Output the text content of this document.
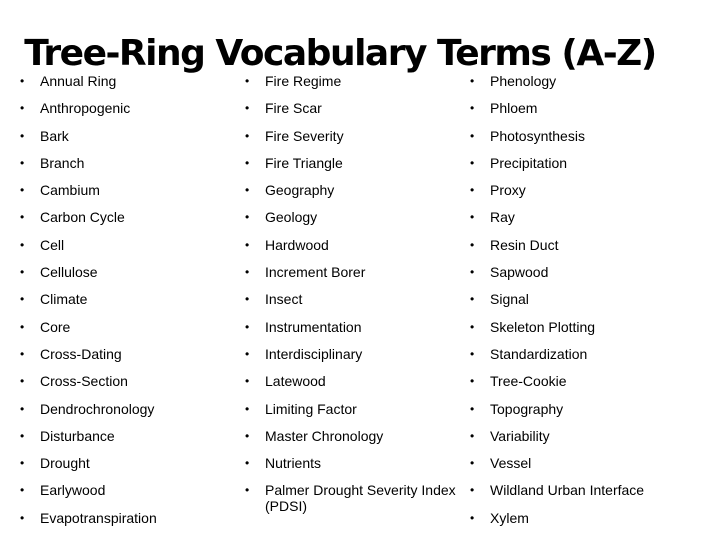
Tree-Ring Vocabulary Terms (A-Z)
• Annual Ring
• Anthropogenic
• Bark
• Branch
• Cambium
• Carbon Cycle
• Cell
• Cellulose
• Climate
• Core
• Cross-Dating
• Cross-Section
• Dendrochronology
• Disturbance
• Drought
• Earlywood
• Evapotranspiration
• Fire Regime
• Fire Scar
• Fire Severity
• Fire Triangle
• Geography
• Geology
• Hardwood
• Increment Borer
• Insect
• Instrumentation
• Interdisciplinary
• Latewood
• Limiting Factor
• Master Chronology
• Nutrients
• Palmer Drought Severity Index (PDSI)
• Phenology
• Phloem
• Photosynthesis
• Precipitation
• Proxy
• Ray
• Resin Duct
• Sapwood
• Signal
• Skeleton Plotting
• Standardization
• Tree-Cookie
• Topography
• Variability
• Vessel
• Wildland Urban Interface
• Xylem
